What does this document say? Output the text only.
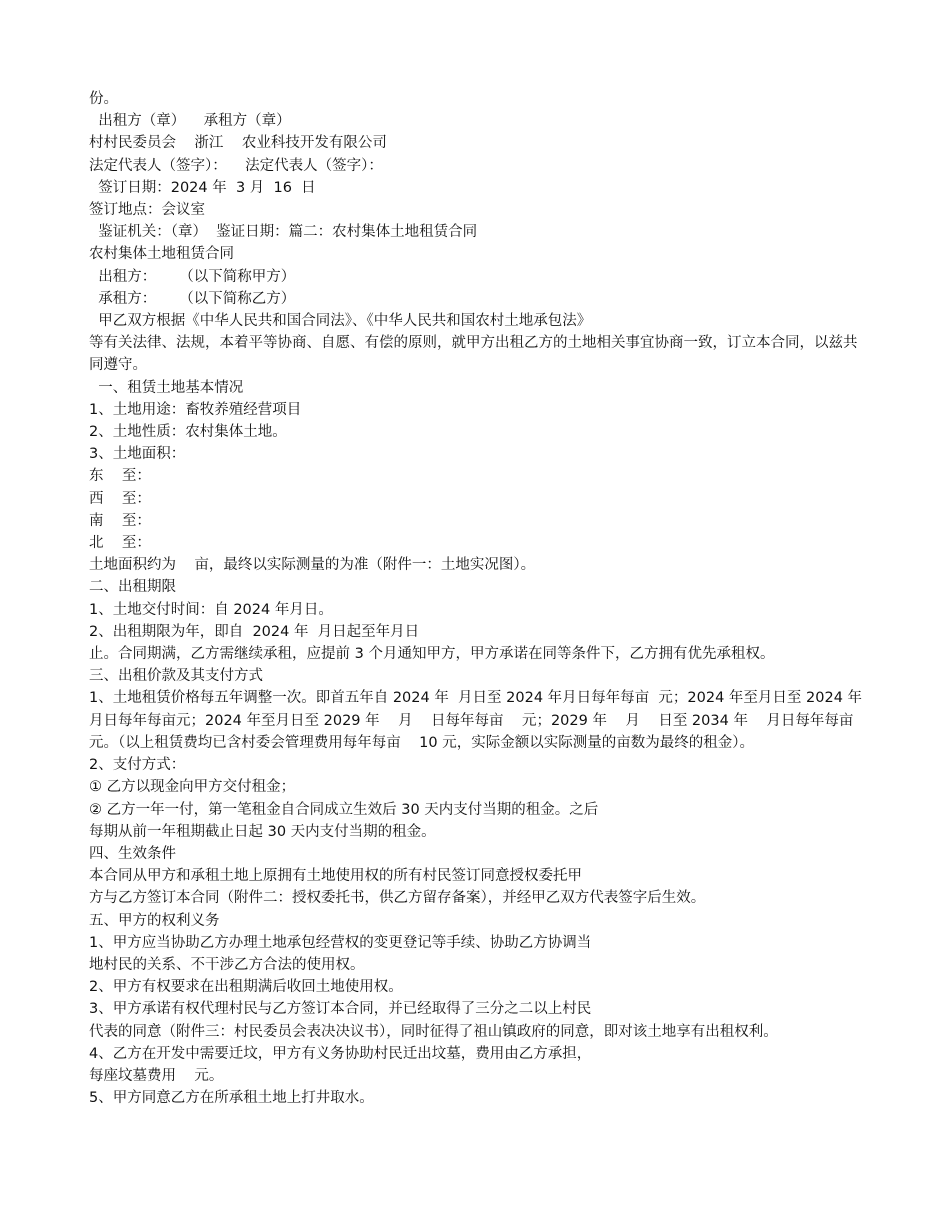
份。

出租方（章）    承租方（章）

村村民委员会    浙江    农业科技开发有限公司

法定代表人（签字）：    法定代表人（签字）：

签订日期：2024 年  3 月  16  日

签订地点：会议室

鉴证机关：（章）  鉴证日期：篇二：农村集体土地租赁合同

农村集体土地租赁合同

出租方：     （以下简称甲方）

承租方：     （以下简称乙方）

甲乙双方根据《中华人民共和国合同法》、《中华人民共和国农村土地承包法》

等有关法律、法规，本着平等协商、自愿、有偿的原则，就甲方出租乙方的土地相关事宜协商一致，订立本合同，以兹共同遵守。

一、租赁土地基本情况

1、土地用途：畜牧养殖经营项目

2、土地性质：农村集体土地。

3、土地面积：

东    至：

西    至：

南    至：

北    至：

土地面积约为    亩，最终以实际测量的为准（附件一：土地实况图）。

二、出租期限

1、土地交付时间：自 2024 年月日。

2、出租期限为年，即自  2024 年  月日起至年月日

止。合同期满，乙方需继续承租，应提前 3 个月通知甲方，甲方承诺在同等条件下，乙方拥有优先承租权。

三、出租价款及其支付方式

1、土地租赁价格每五年调整一次。即首五年自 2024 年  月日至 2024 年月日每年每亩  元；2024 年至月日至 2024 年月日每年每亩元；2024 年至月日至 2029 年    月    日每年每亩    元；2029 年    月    日至 2034 年    月日每年每亩    元。（以上租赁费均已含村委会管理费用每年每亩    10 元，实际金额以实际测量的亩数为最终的租金）。

2、支付方式：

① 乙方以现金向甲方交付租金；

② 乙方一年一付，第一笔租金自合同成立生效后 30 天内支付当期的租金。之后

每期从前一年租期截止日起 30 天内支付当期的租金。

四、生效条件

本合同从甲方和承租土地上原拥有土地使用权的所有村民签订同意授权委托甲

方与乙方签订本合同（附件二：授权委托书，供乙方留存备案），并经甲乙双方代表签字后生效。

五、甲方的权利义务

1、甲方应当协助乙方办理土地承包经营权的变更登记等手续、协助乙方协调当

地村民的关系、不干涉乙方合法的使用权。

2、甲方有权要求在出租期满后收回土地使用权。

3、甲方承诺有权代理村民与乙方签订本合同，并已经取得了三分之二以上村民

代表的同意（附件三：村民委员会表决决议书），同时征得了祖山镇政府的同意，即对该土地享有出租权利。

4、乙方在开发中需要迁坟，甲方有义务协助村民迁出坟墓，费用由乙方承担，

每座坟墓费用    元。

5、甲方同意乙方在所承租土地上打井取水。
